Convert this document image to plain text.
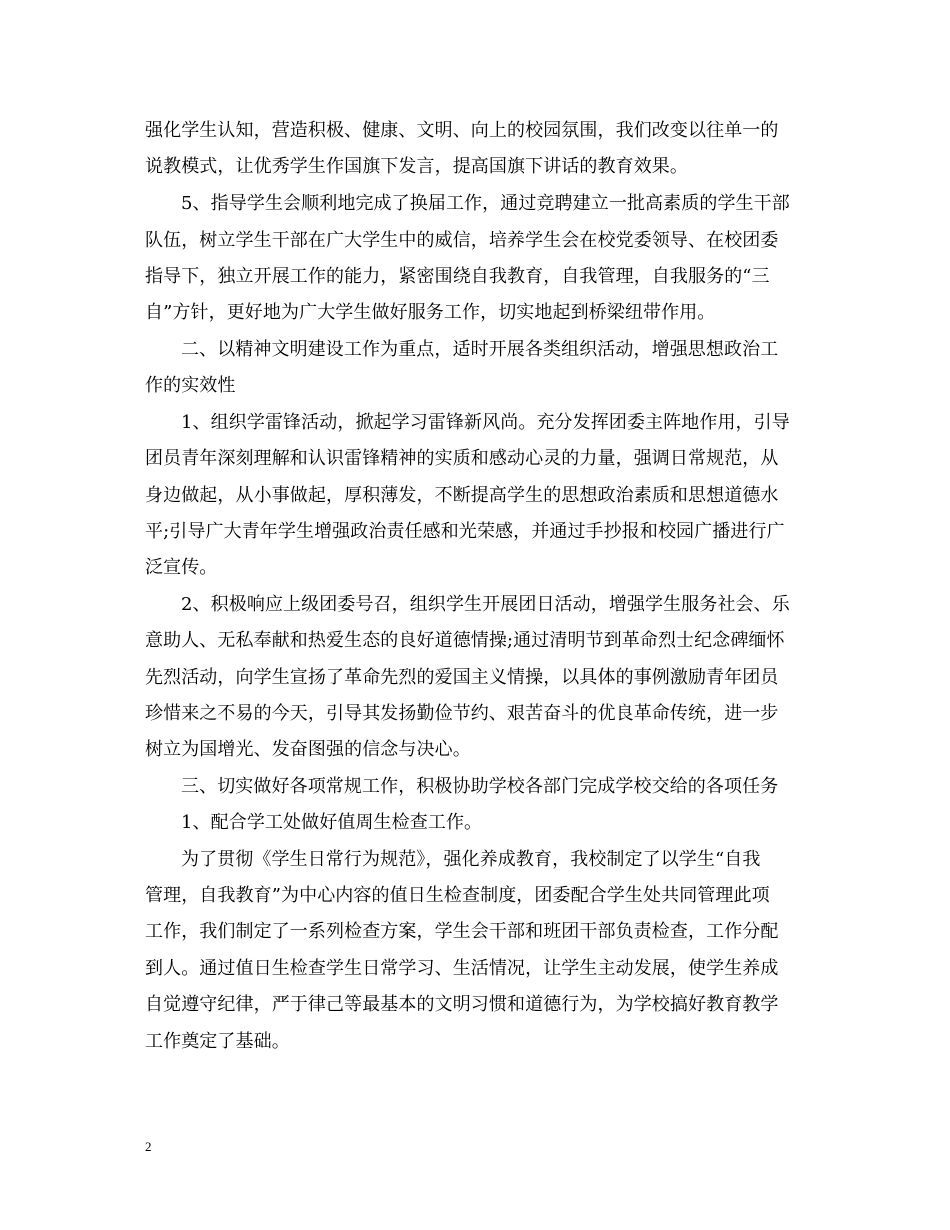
强化学生认知，营造积极、健康、文明、向上的校园氛围，我们改变以往单一的
说教模式，让优秀学生作国旗下发言，提高国旗下讲话的教育效果。
5、指导学生会顺利地完成了换届工作，通过竞聘建立一批高素质的学生干部
队伍，树立学生干部在广大学生中的威信，培养学生会在校党委领导、在校团委
指导下，独立开展工作的能力，紧密围绕自我教育，自我管理，自我服务的“三
自”方针，更好地为广大学生做好服务工作，切实地起到桥梁纽带作用。
二、以精神文明建设工作为重点，适时开展各类组织活动，增强思想政治工
作的实效性
1、组织学雷锋活动，掀起学习雷锋新风尚。充分发挥团委主阵地作用，引导
团员青年深刻理解和认识雷锋精神的实质和感动心灵的力量，强调日常规范，从
身边做起，从小事做起，厚积薄发，不断提高学生的思想政治素质和思想道德水
平;引导广大青年学生增强政治责任感和光荣感，并通过手抄报和校园广播进行广
泛宣传。
2、积极响应上级团委号召，组织学生开展团日活动，增强学生服务社会、乐
意助人、无私奉献和热爱生态的良好道德情操;通过清明节到革命烈士纪念碑缅怀
先烈活动，向学生宣扬了革命先烈的爱国主义情操，以具体的事例激励青年团员
珍惜来之不易的今天，引导其发扬勤俭节约、艰苦奋斗的优良革命传统，进一步
树立为国增光、发奋图强的信念与决心。
三、切实做好各项常规工作，积极协助学校各部门完成学校交给的各项任务
1、配合学工处做好值周生检查工作。
为了贯彻《学生日常行为规范》，强化养成教育，我校制定了以学生“自我
管理，自我教育”为中心内容的值日生检查制度，团委配合学生处共同管理此项
工作，我们制定了一系列检查方案，学生会干部和班团干部负责检查，工作分配
到人。通过值日生检查学生日常学习、生活情况，让学生主动发展，使学生养成
自觉遵守纪律，严于律己等最基本的文明习惯和道德行为，为学校搞好教育教学
工作奠定了基础。
2
